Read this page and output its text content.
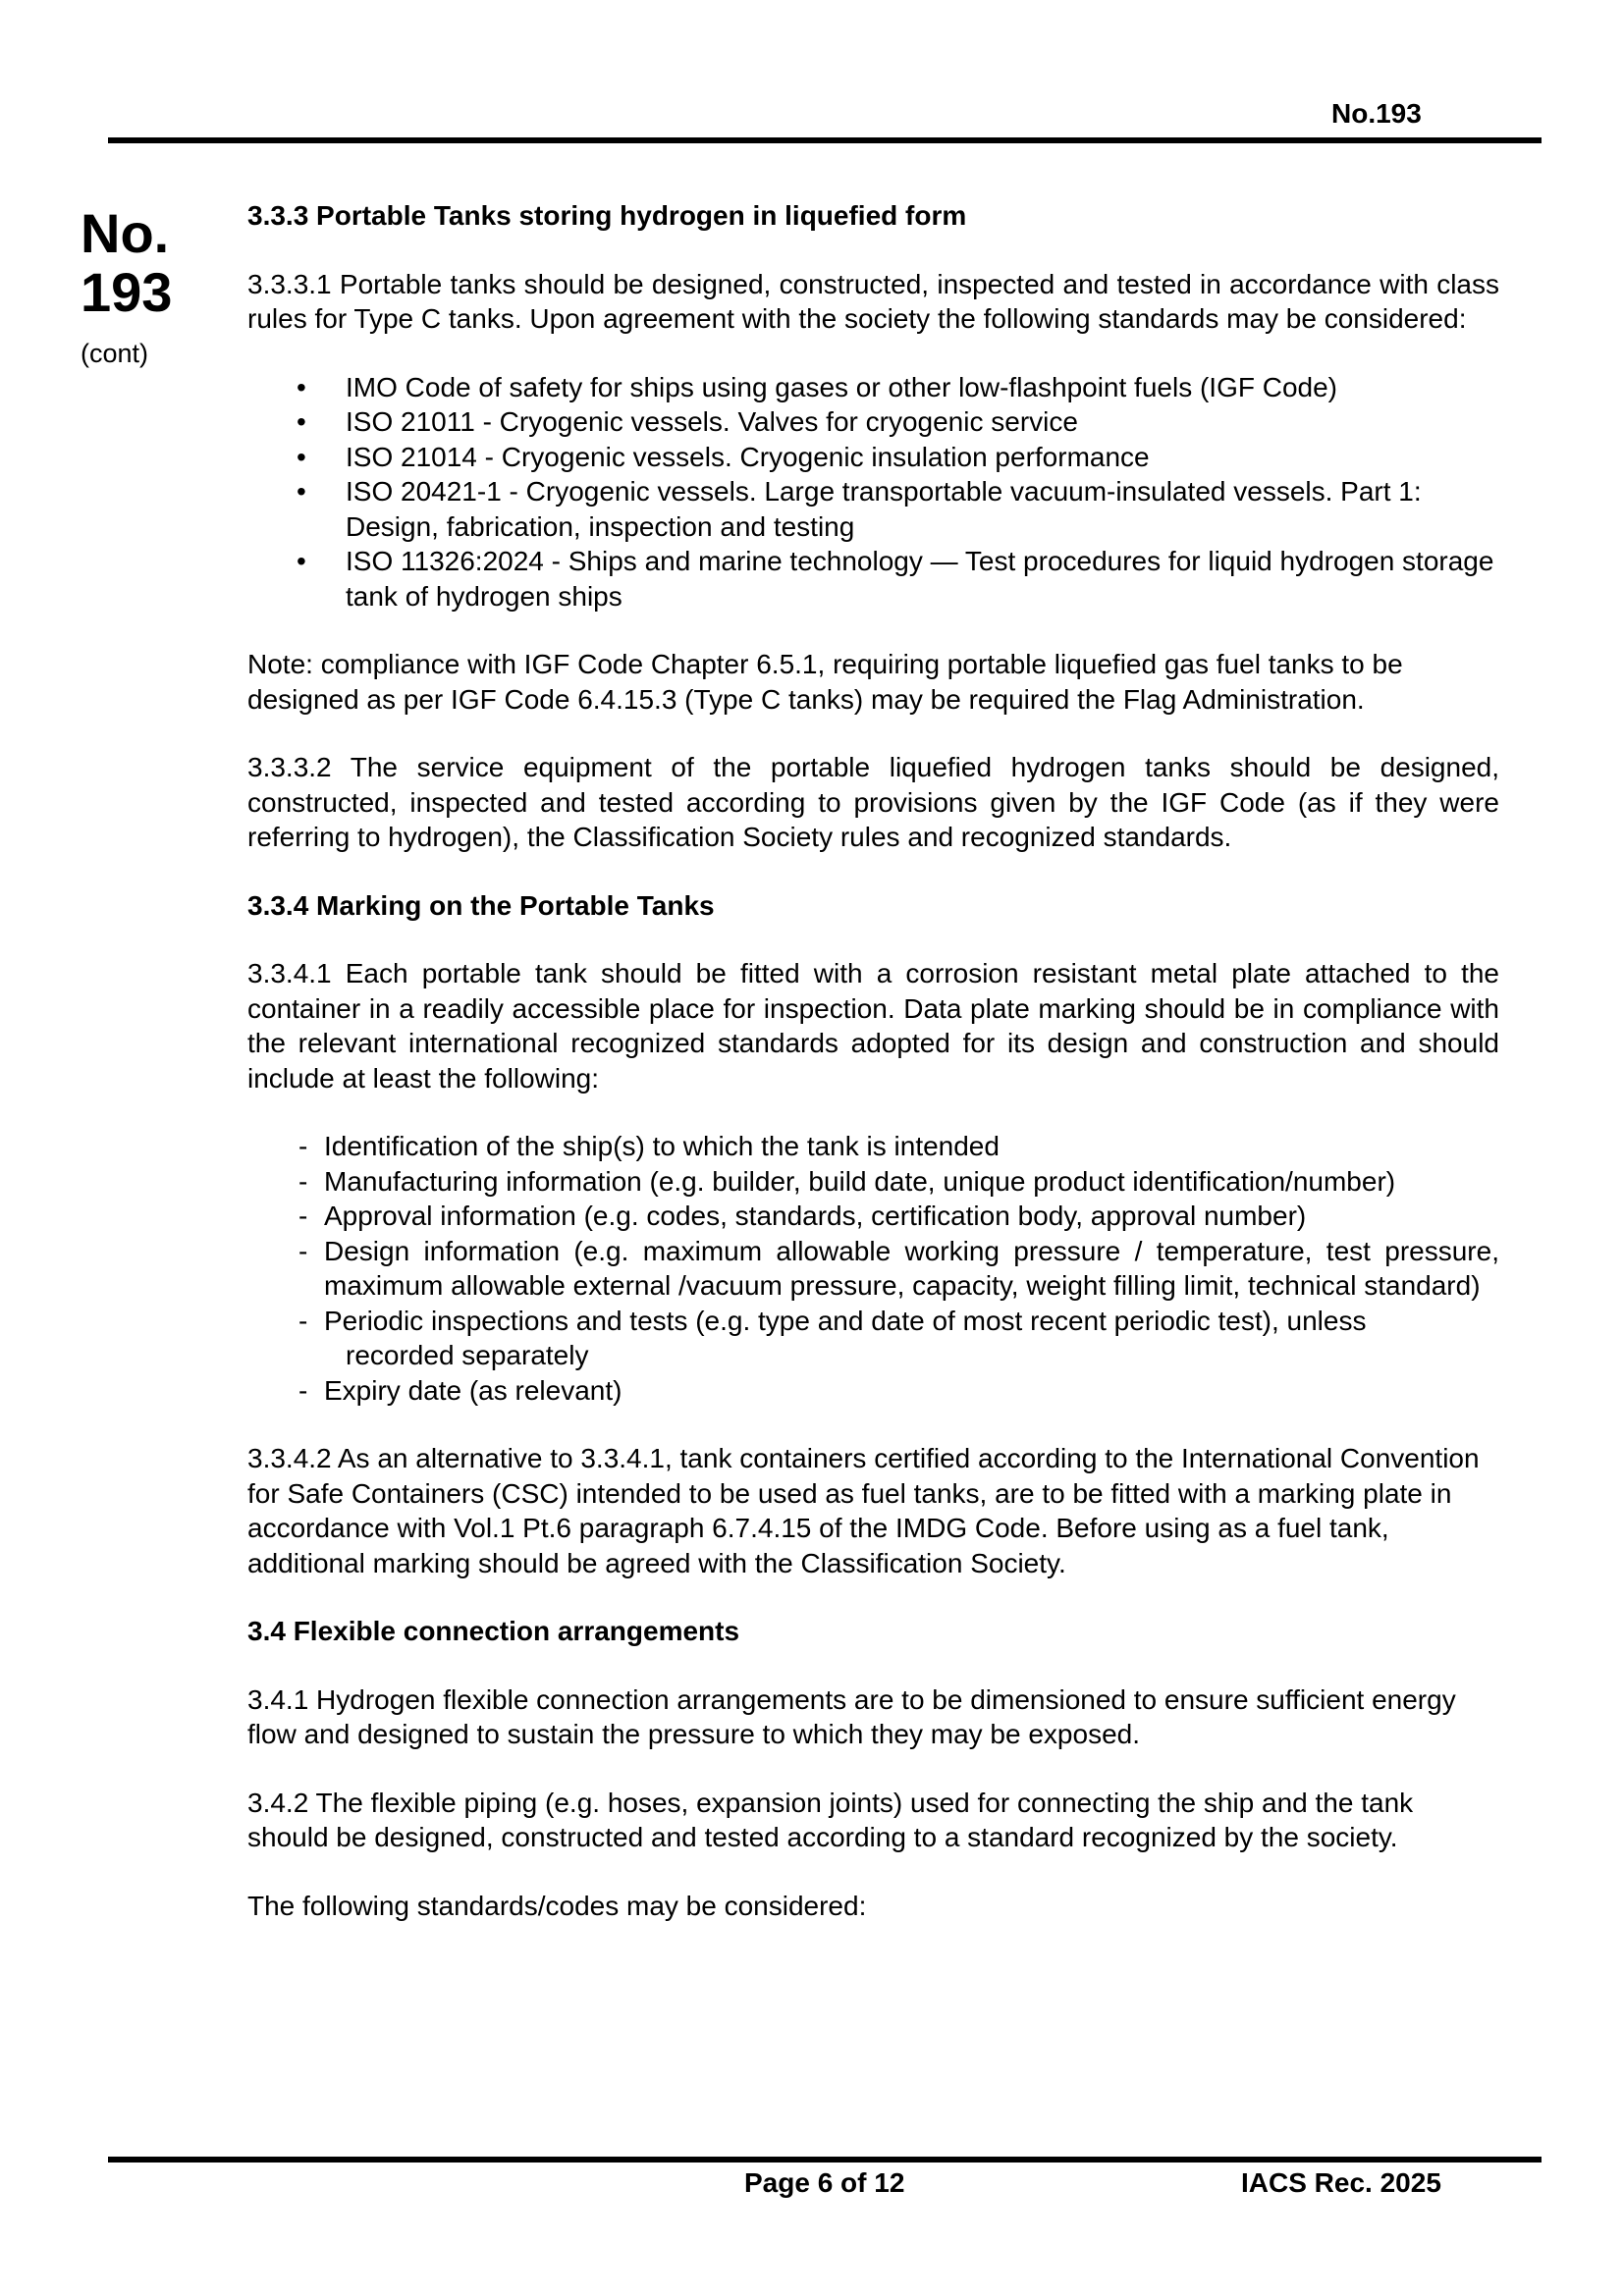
No.193
No.
193
(cont)
3.3.3 Portable Tanks storing hydrogen in liquefied form

3.3.3.1 Portable tanks should be designed, constructed, inspected and tested in accordance with class rules for Type C tanks. Upon agreement with the society the following standards may be considered:

• IMO Code of safety for ships using gases or other low-flashpoint fuels (IGF Code)
• ISO 21011 - Cryogenic vessels. Valves for cryogenic service
• ISO 21014 - Cryogenic vessels. Cryogenic insulation performance
• ISO 20421-1 - Cryogenic vessels. Large transportable vacuum-insulated vessels. Part 1: Design, fabrication, inspection and testing
• ISO 11326:2024 - Ships and marine technology — Test procedures for liquid hydrogen storage tank of hydrogen ships

Note: compliance with IGF Code Chapter 6.5.1, requiring portable liquefied gas fuel tanks to be designed as per IGF Code 6.4.15.3 (Type C tanks) may be required the Flag Administration.

3.3.3.2 The service equipment of the portable liquefied hydrogen tanks should be designed, constructed, inspected and tested according to provisions given by the IGF Code (as if they were referring to hydrogen), the Classification Society rules and recognized standards.

3.3.4 Marking on the Portable Tanks

3.3.4.1 Each portable tank should be fitted with a corrosion resistant metal plate attached to the container in a readily accessible place for inspection. Data plate marking should be in compliance with the relevant international recognized standards adopted for its design and construction and should include at least the following:

- Identification of the ship(s) to which the tank is intended
- Manufacturing information (e.g. builder, build date, unique product identification/number)
- Approval information (e.g. codes, standards, certification body, approval number)
- Design information (e.g. maximum allowable working pressure / temperature, test pressure, maximum allowable external /vacuum pressure, capacity, weight filling limit, technical standard)
- Periodic inspections and tests (e.g. type and date of most recent periodic test), unless
recorded separately
- Expiry date (as relevant)

3.3.4.2 As an alternative to 3.3.4.1, tank containers certified according to the International Convention for Safe Containers (CSC) intended to be used as fuel tanks, are to be fitted with a marking plate in accordance with Vol.1 Pt.6 paragraph 6.7.4.15 of the IMDG Code. Before using as a fuel tank, additional marking should be agreed with the Classification Society.

3.4 Flexible connection arrangements

3.4.1 Hydrogen flexible connection arrangements are to be dimensioned to ensure sufficient energy flow and designed to sustain the pressure to which they may be exposed.

3.4.2 The flexible piping (e.g. hoses, expansion joints) used for connecting the ship and the tank should be designed, constructed and tested according to a standard recognized by the society.

The following standards/codes may be considered:

Page 6 of 12	IACS Rec. 2025
